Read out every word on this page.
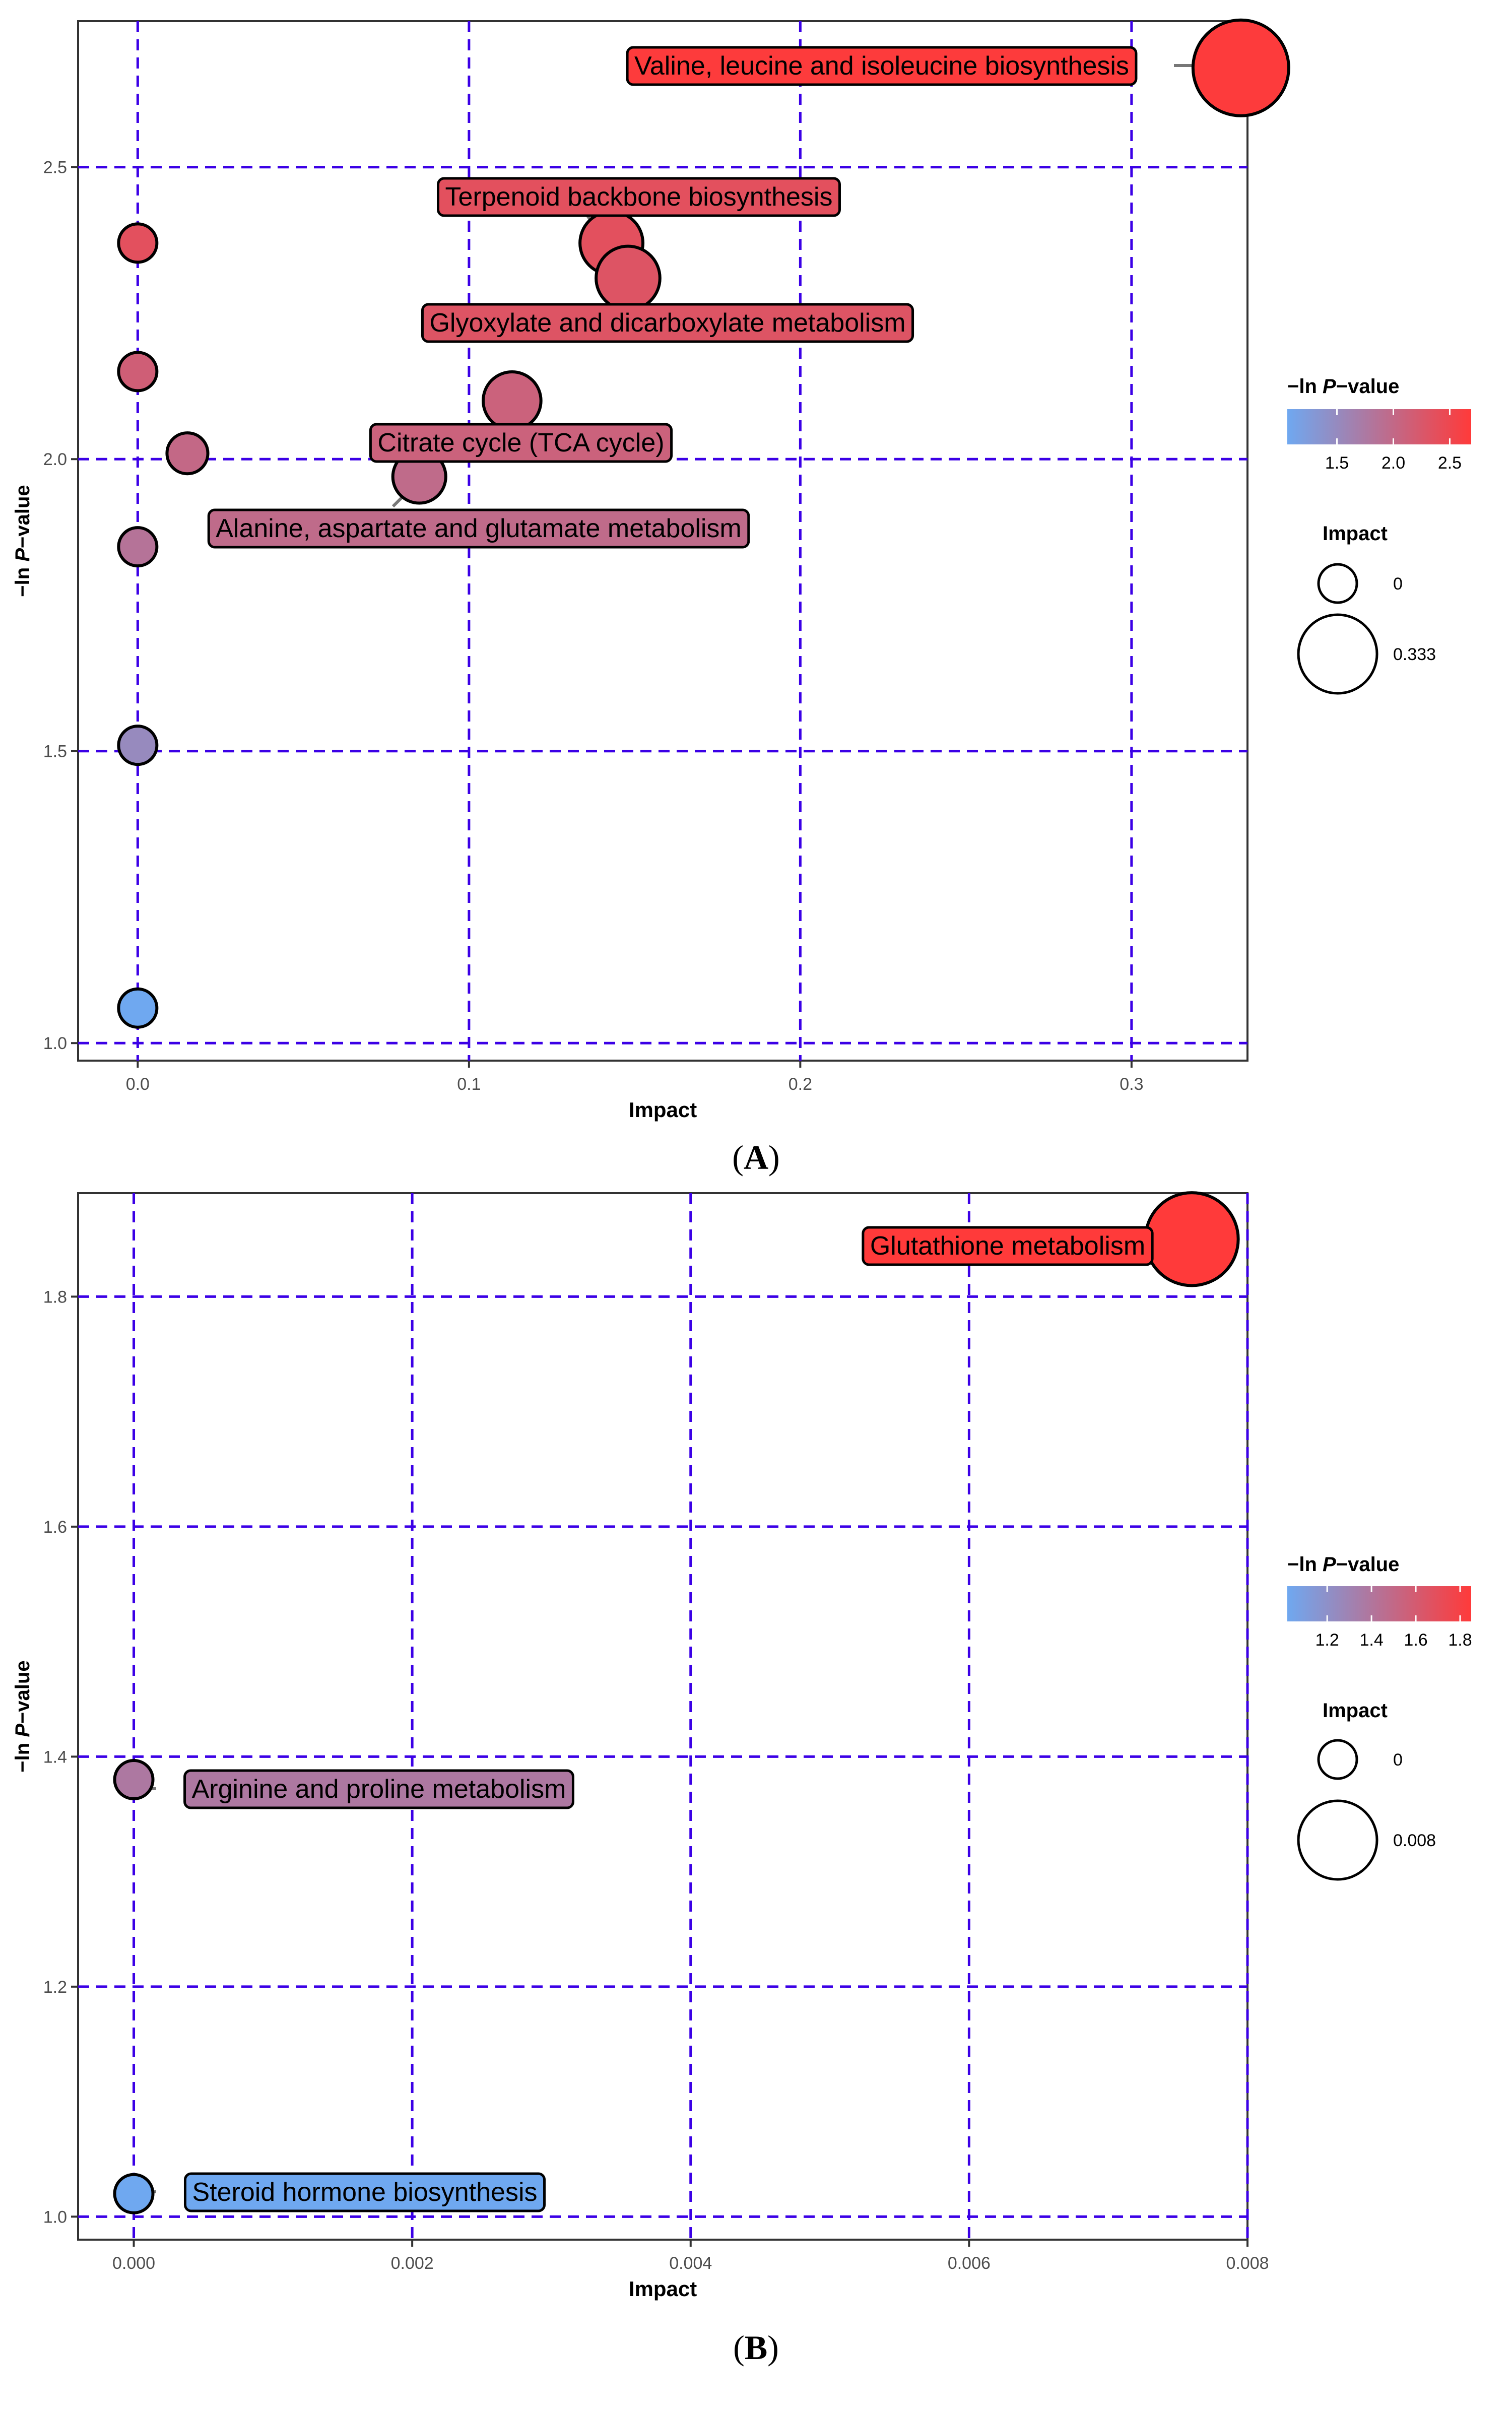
0.0	0.1	0.2	0.3
1.0
1.5
2.0
2.5
Impact
−ln P−value
Valine, leucine and isoleucine biosynthesis
Terpenoid backbone biosynthesis
Glyoxylate and dicarboxylate metabolism
Citrate cycle (TCA cycle)
Alanine, aspartate and glutamate metabolism
−ln P−value
1.5 2.0 2.5
Impact
0
0.333
0.000	0.002	0.004	0.006	0.008
1.0
1.2
1.4
1.6
1.8
Impact
−ln P−value
Glutathione metabolism
Arginine and proline metabolism
Steroid hormone biosynthesis
−ln P−value
1.2 1.4 1.6 1.8
Impact
0
0.008
(A)
(B)
